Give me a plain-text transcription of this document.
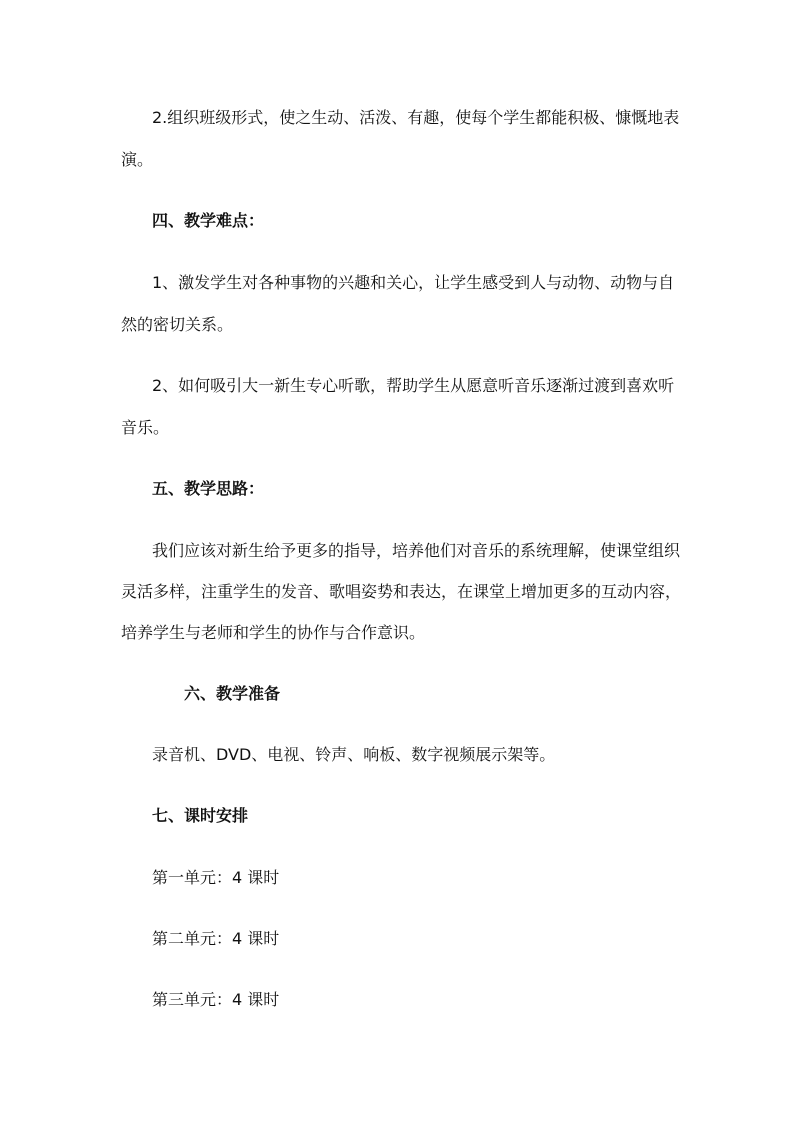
2.组织班级形式，使之生动、活泼、有趣，使每个学生都能积极、慷慨地表
演。
四、教学难点：
1、激发学生对各种事物的兴趣和关心，让学生感受到人与动物、动物与自
然的密切关系。
2、如何吸引大一新生专心听歌，帮助学生从愿意听音乐逐渐过渡到喜欢听
音乐。
五、教学思路：
我们应该对新生给予更多的指导，培养他们对音乐的系统理解，使课堂组织
灵活多样，注重学生的发音、歌唱姿势和表达，在课堂上增加更多的互动内容，
培养学生与老师和学生的协作与合作意识。
六、教学准备
录音机、DVD、电视、铃声、响板、数字视频展示架等。
七、课时安排
第一单元：4 课时
第二单元：4 课时
第三单元：4 课时
